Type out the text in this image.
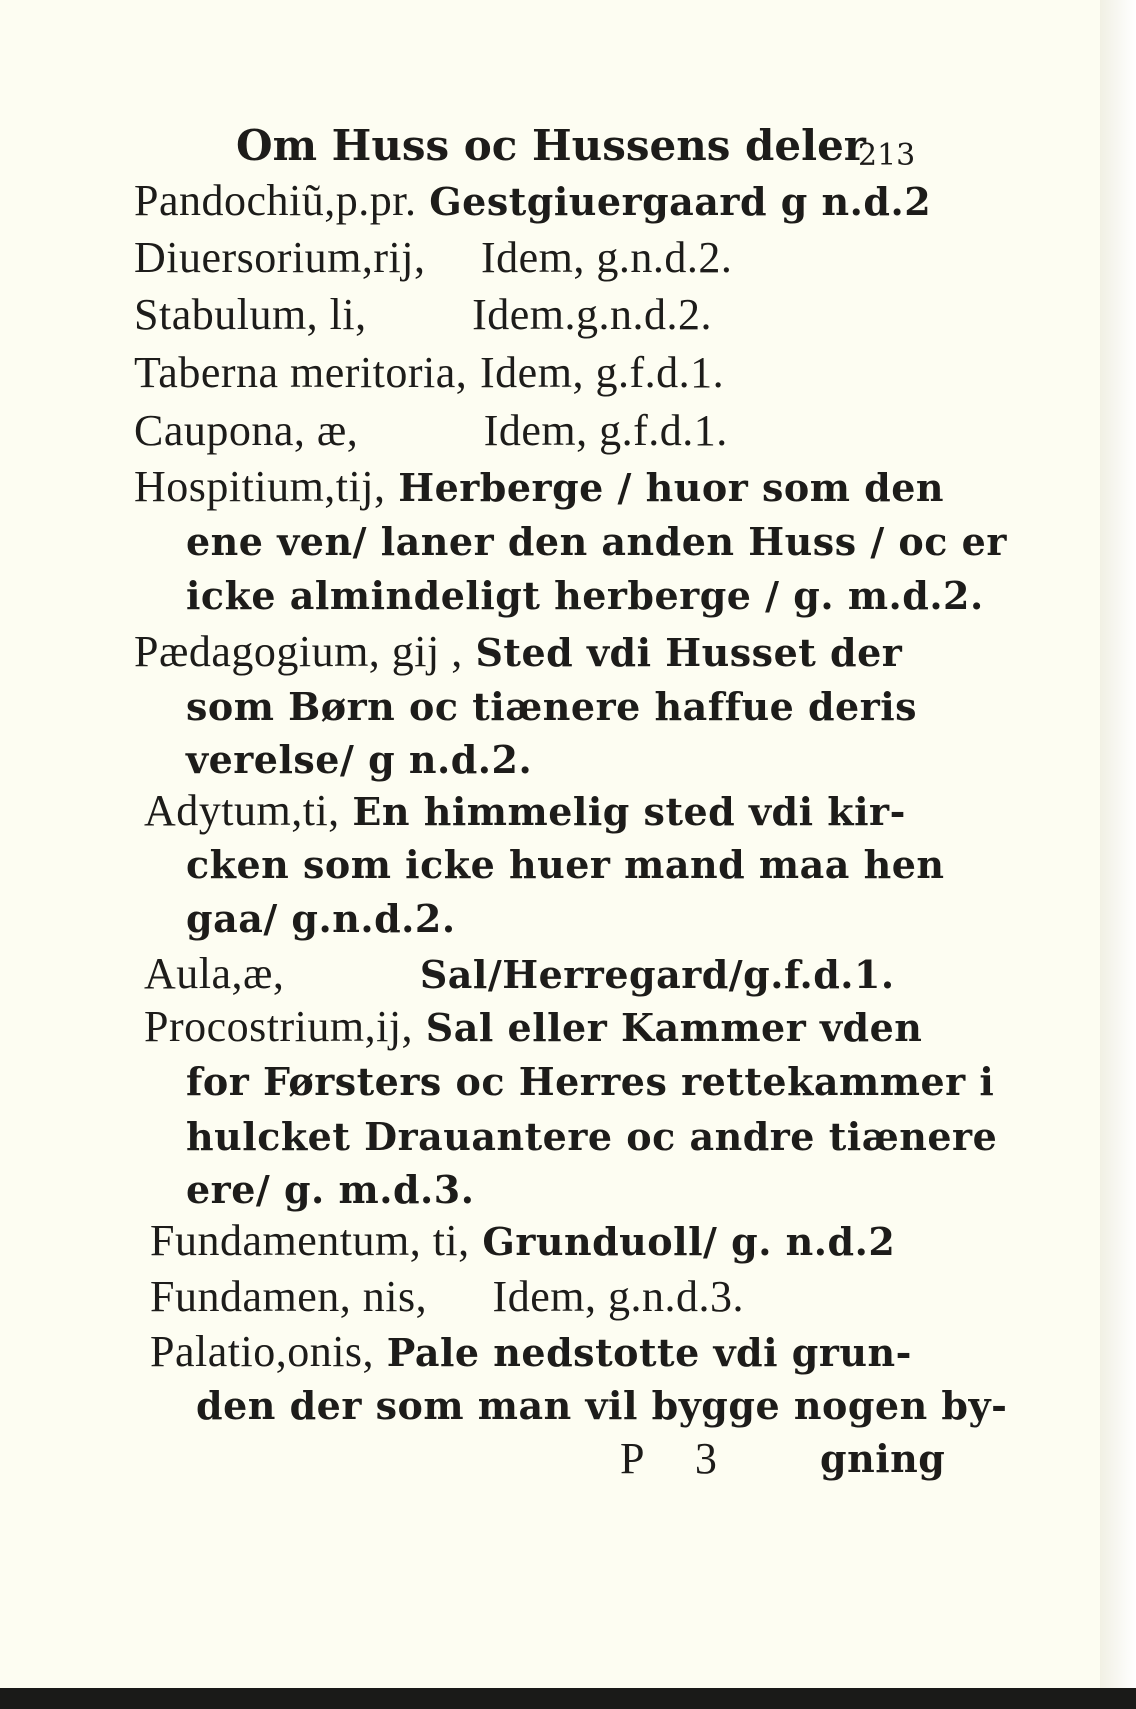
Om Huss oc Hussens deler
213
Pandochiũ,p.pr. Gestgiuergaard g n.d.2
Diuersorium,rij, Idem, g.n.d.2.
Stabulum, li, Idem.g.n.d.2.
Taberna meritoria, Idem, g.f.d.1.
Caupona, æ,	Idem, g.f.d.1.
Hospitium,tij, Herberge / huor som den
ene ven/ laner den anden Huss / oc er
icke almindeligt herberge / g. m.d.2.
Pædagogium, gij , Sted vdi Husset der
som Børn oc tiænere haffue deris
verelse/ g n.d.2.
Adytum,ti, En himmelig sted vdi kir-
cken som icke huer mand maa hen
gaa/ g.n.d.2.
Aula,æ,	Sal/Herregard/g.f.d.1.
Procostrium,ij, Sal eller Kammer vden
for Førsters oc Herres rettekammer i
hulcket Drauantere oc andre tiænere
ere/ g. m.d.3.
Fundamentum, ti, Grunduoll/ g. n.d.2
Fundamen, nis, Idem, g.n.d.3.
Palatio,onis, Pale nedstotte vdi grun-
den der som man vil bygge nogen by-
P 3	gning
